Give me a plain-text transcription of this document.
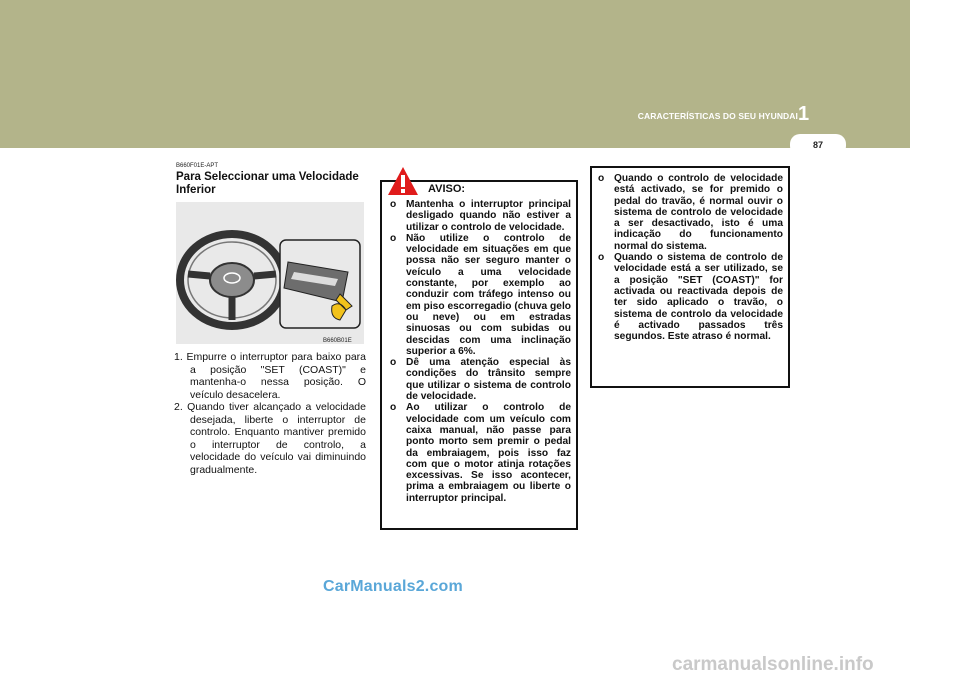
CARACTERÍSTICAS DO SEU HYUNDAI 1
87
B660F01E-APT
Para Seleccionar uma Velocidade Inferior
B660B01E
1. Empurre o interruptor para baixo para a posição "SET (COAST)" e mantenha-o nessa posição. O veículo desacelera.
2. Quando tiver alcançado a velocidade desejada, liberte o interruptor de controlo. Enquanto mantiver premido o interruptor de controlo, a velocidade do veículo vai diminuindo gradualmente.
o Mantenha o interruptor principal desligado quando não estiver a utilizar o controlo de velocidade.
o Não utilize o controlo de velocidade em situações em que possa não ser seguro manter o veículo a uma velocidade constante, por exemplo ao conduzir com tráfego intenso ou em piso escorregadio (chuva gelo ou neve) ou em estradas sinuosas ou com subidas ou descidas com uma inclinação superior a 6%.
o Dê uma atenção especial às condições do trânsito sempre que utilizar o sistema de controlo de velocidade.
o Ao utilizar o controlo de velocidade com um veículo com caixa manual, não passe para ponto morto sem premir o pedal da embraiagem, pois isso faz com que o motor atinja rotações excessivas. Se isso acontecer, prima a embraiagem ou liberte o interruptor principal.
AVISO:
o Quando o controlo de velocidade está activado, se for premido o pedal do travão, é normal ouvir o sistema de controlo de velocidade a ser desactivado, isto é uma indicação do funcionamento normal do sistema.
o Quando o sistema de controlo de velocidade está a ser utilizado, se a posição "SET (COAST)" for activada ou reactivada depois de ter sido aplicado o travão, o sistema de controlo da velocidade é activado passados três segundos. Este atraso é normal.
CarManuals2.com
carmanualsonline.info
